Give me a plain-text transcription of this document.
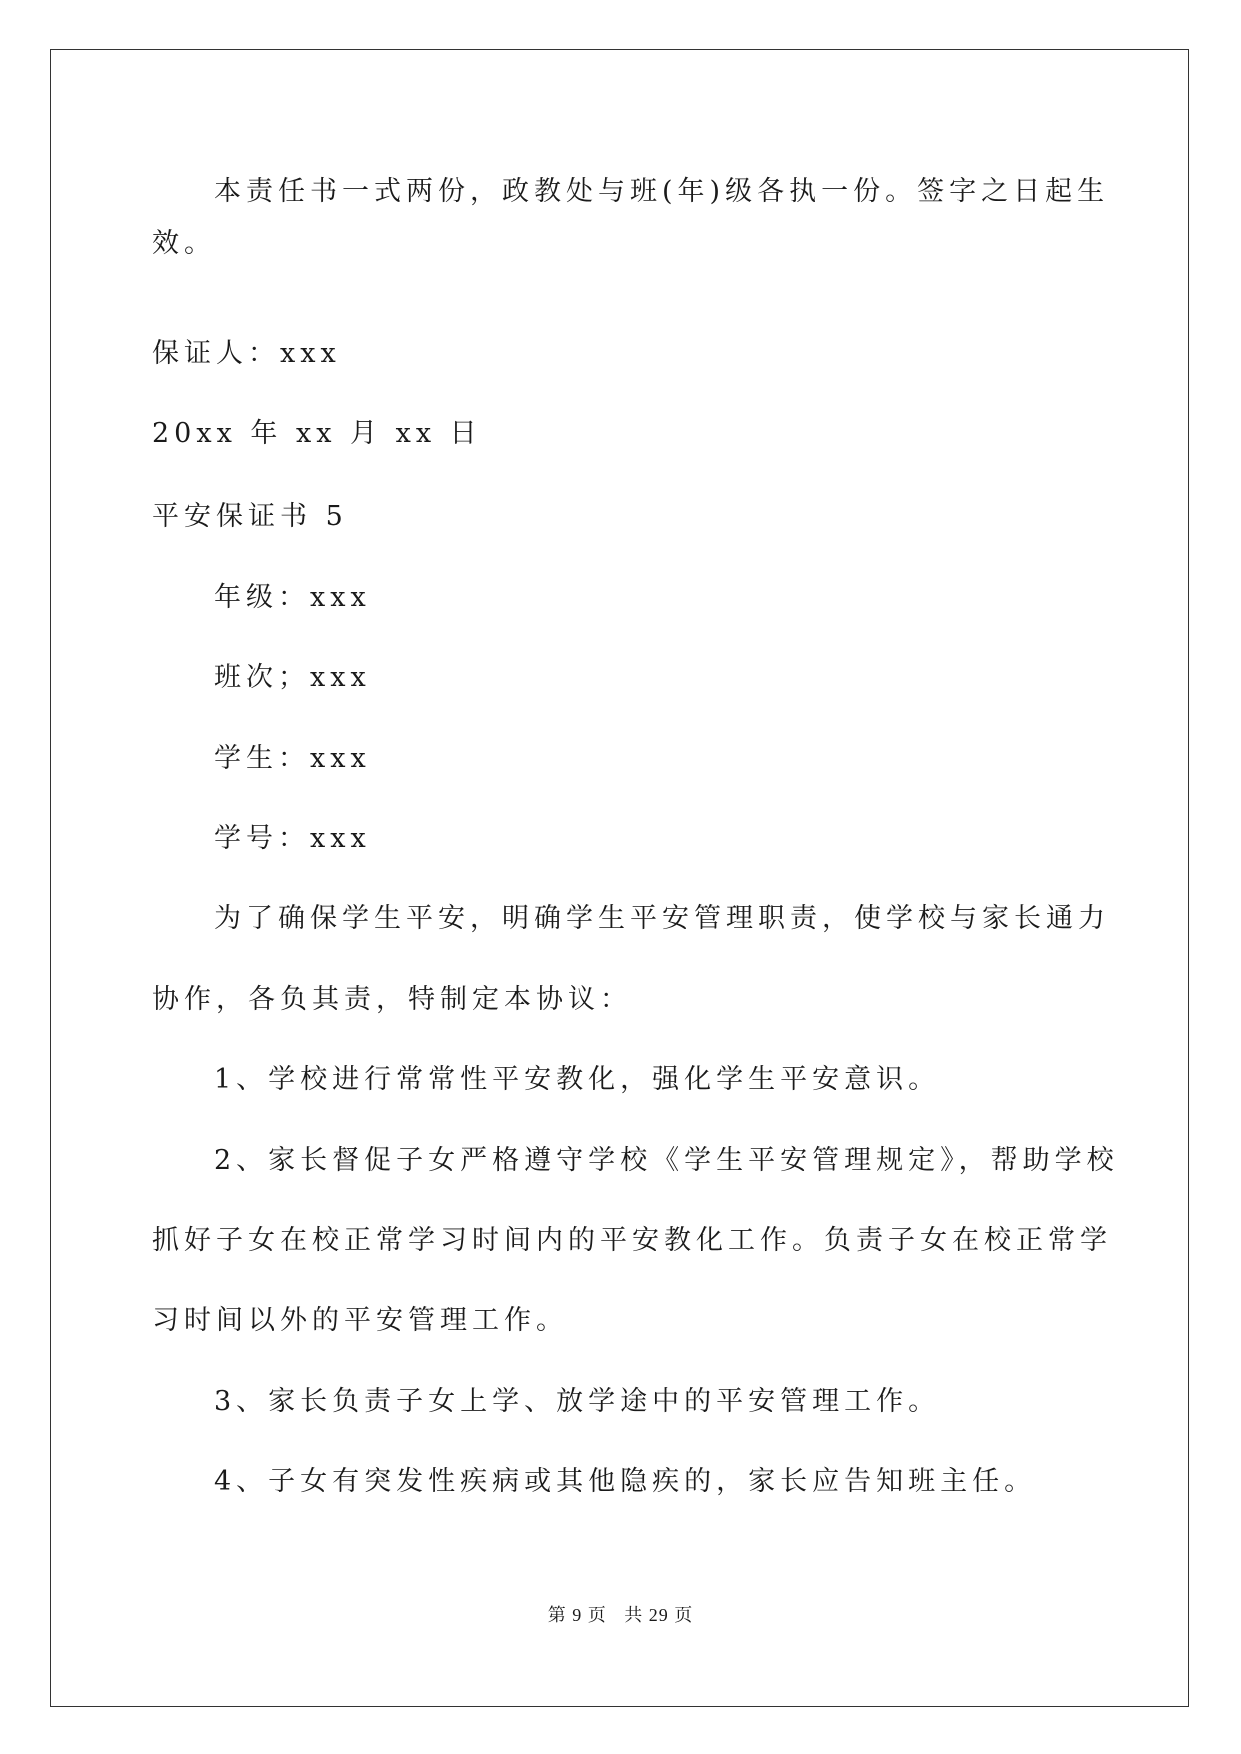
本责任书一式两份，政教处与班(年)级各执一份。签字之日起生
效。
保证人：xxx
20xx 年 xx 月 xx 日
平安保证书 5
年级：xxx
班次；xxx
学生：xxx
学号：xxx
为了确保学生平安，明确学生平安管理职责，使学校与家长通力
协作，各负其责，特制定本协议：
1、学校进行常常性平安教化，强化学生平安意识。
2、家长督促子女严格遵守学校《学生平安管理规定》，帮助学校
抓好子女在校正常学习时间内的平安教化工作。负责子女在校正常学
习时间以外的平安管理工作。
3、家长负责子女上学、放学途中的平安管理工作。
4、子女有突发性疾病或其他隐疾的，家长应告知班主任。
第 9 页 共 29 页
